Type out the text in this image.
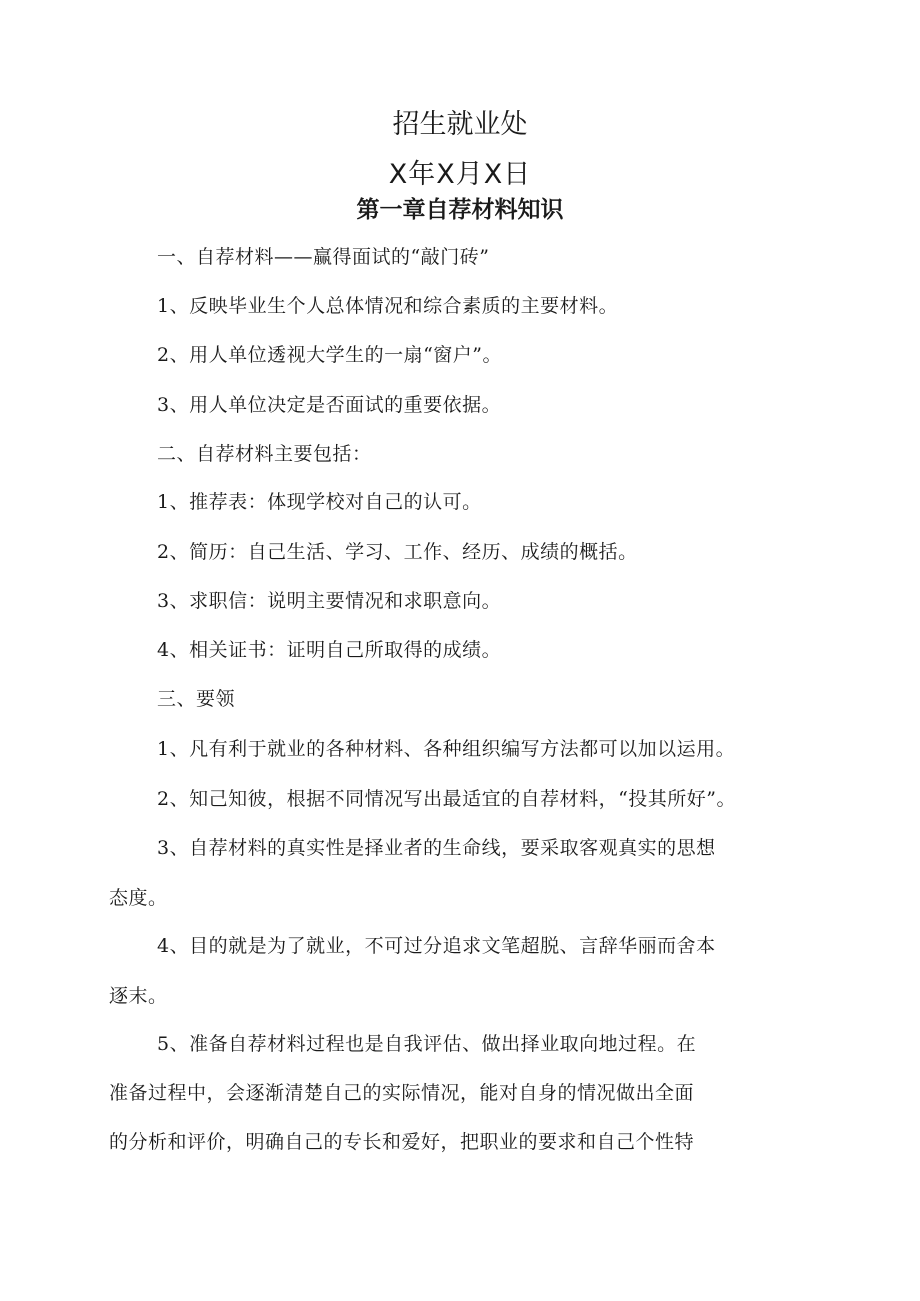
招生就业处
X年X月X日
第一章自荐材料知识
一、自荐材料——赢得面试的“敲门砖”
1、反映毕业生个人总体情况和综合素质的主要材料。
2、用人单位透视大学生的一扇“窗户”。
3、用人单位决定是否面试的重要依据。
二、自荐材料主要包括：
1、推荐表：体现学校对自己的认可。
2、简历：自己生活、学习、工作、经历、成绩的概括。
3、求职信：说明主要情况和求职意向。
4、相关证书：证明自己所取得的成绩。
三、要领
1、凡有利于就业的各种材料、各种组织编写方法都可以加以运用。
2、知己知彼，根据不同情况写出最适宜的自荐材料，“投其所好”。
3、自荐材料的真实性是择业者的生命线，要采取客观真实的思想
态度。
4、目的就是为了就业，不可过分追求文笔超脱、言辞华丽而舍本
逐末。
5、准备自荐材料过程也是自我评估、做出择业取向地过程。在
准备过程中，会逐渐清楚自己的实际情况，能对自身的情况做出全面
的分析和评价，明确自己的专长和爱好，把职业的要求和自己个性特
